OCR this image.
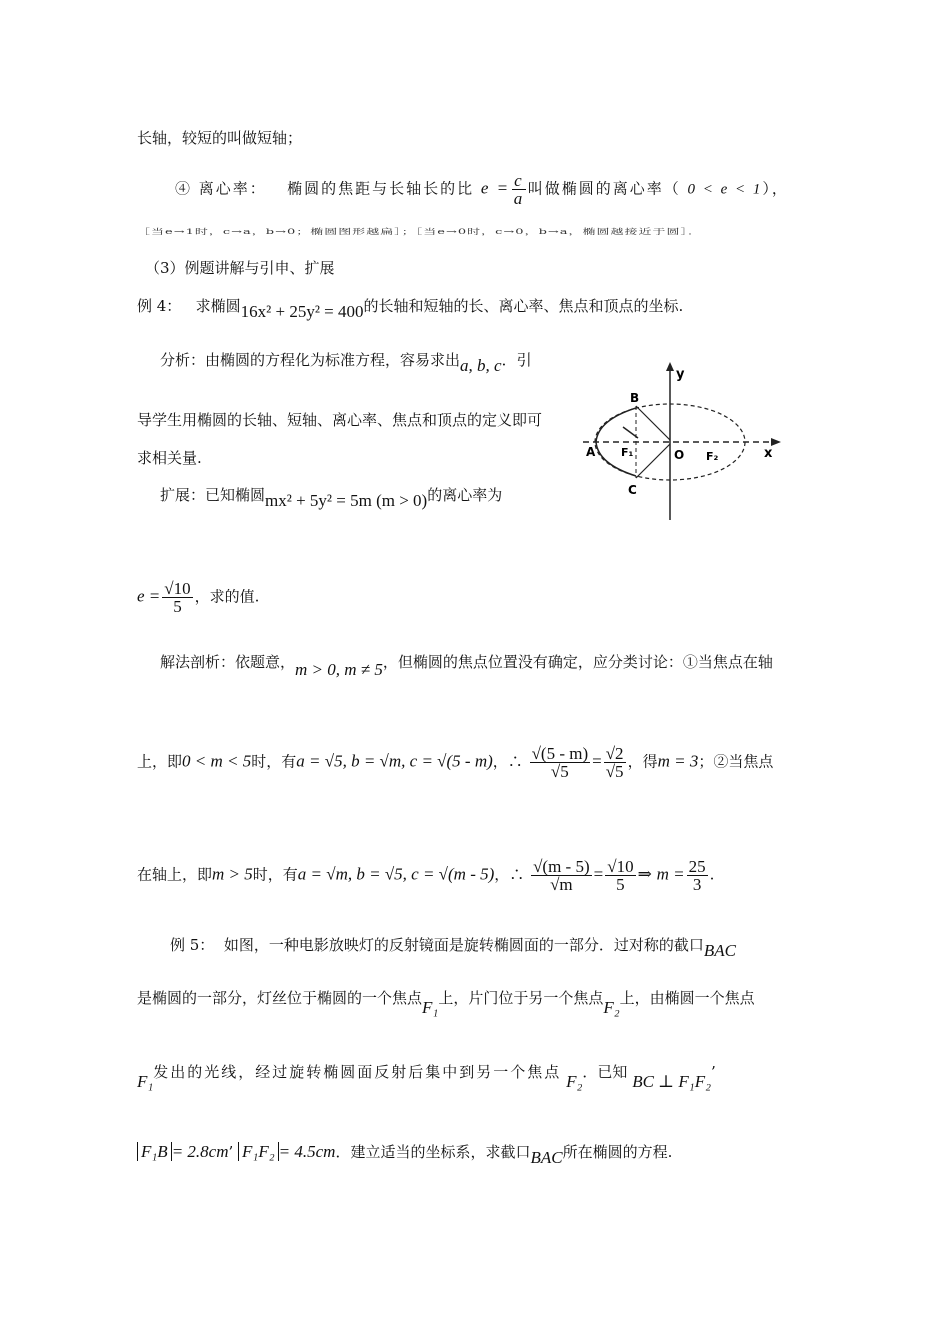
长轴，较短的叫做短轴；
④ 离心率： 椭圆的焦距与长轴长的比 $e = \frac{c}{a}$ 叫做椭圆的离心率（ 0 < e < 1），
［当e→1时，c→a，b→0；椭圆图形越扁］；［当e→0时，c→0，b→a，椭圆越接近于圆］．
（3）例题讲解与引申、扩展
例 4： 求椭圆16x² + 25y² = 400的长轴和短轴的长、离心率、焦点和顶点的坐标.
分析：由椭圆的方程化为标准方程，容易求出a, b, c．引
导学生用椭圆的长轴、短轴、离心率、焦点和顶点的定义即可
求相关量.
扩展：已知椭圆mx² + 5y² = 5m (m > 0)的离心率为
$e = \frac{√10}{5}$ ，求的值.
解法剖析：依题意，m > 0, m ≠ 5，但椭圆的焦点位置没有确定，应分类讨论：①当焦点在轴
上，即0 < m < 5时，有a = √5, b = √m, c = √(5 - m)，∴ $\frac{√(5 - m)}{√5} = \frac{√2}{√5}$ ，得m = 3；②当焦点
在轴上，即m > 5时，有a = √m, b = √5, c = √(m - 5)，∴ $\frac{√(m - 5)}{√m} = \frac{√10}{5}$ ⇒ $m = \frac{25}{3}$ .
例 5： 如图，一种电影放映灯的反射镜面是旋转椭圆面的一部分．过对称的截口BAC
是椭圆的一部分，灯丝位于椭圆的一个焦点F₁上，片门位于另一个焦点F₂上，由椭圆一个焦点
F₁发出的光线，经过旋转椭圆面反射后集中到另一个焦点 F₂．已知 BC ⊥ F₁F₂’
F₁B = 2.8cm’ F₁F₂ = 4.5cm．建立适当的坐标系，求截口BAC所在椭圆的方程.
y
x
B
A F₁	O F₂
C
